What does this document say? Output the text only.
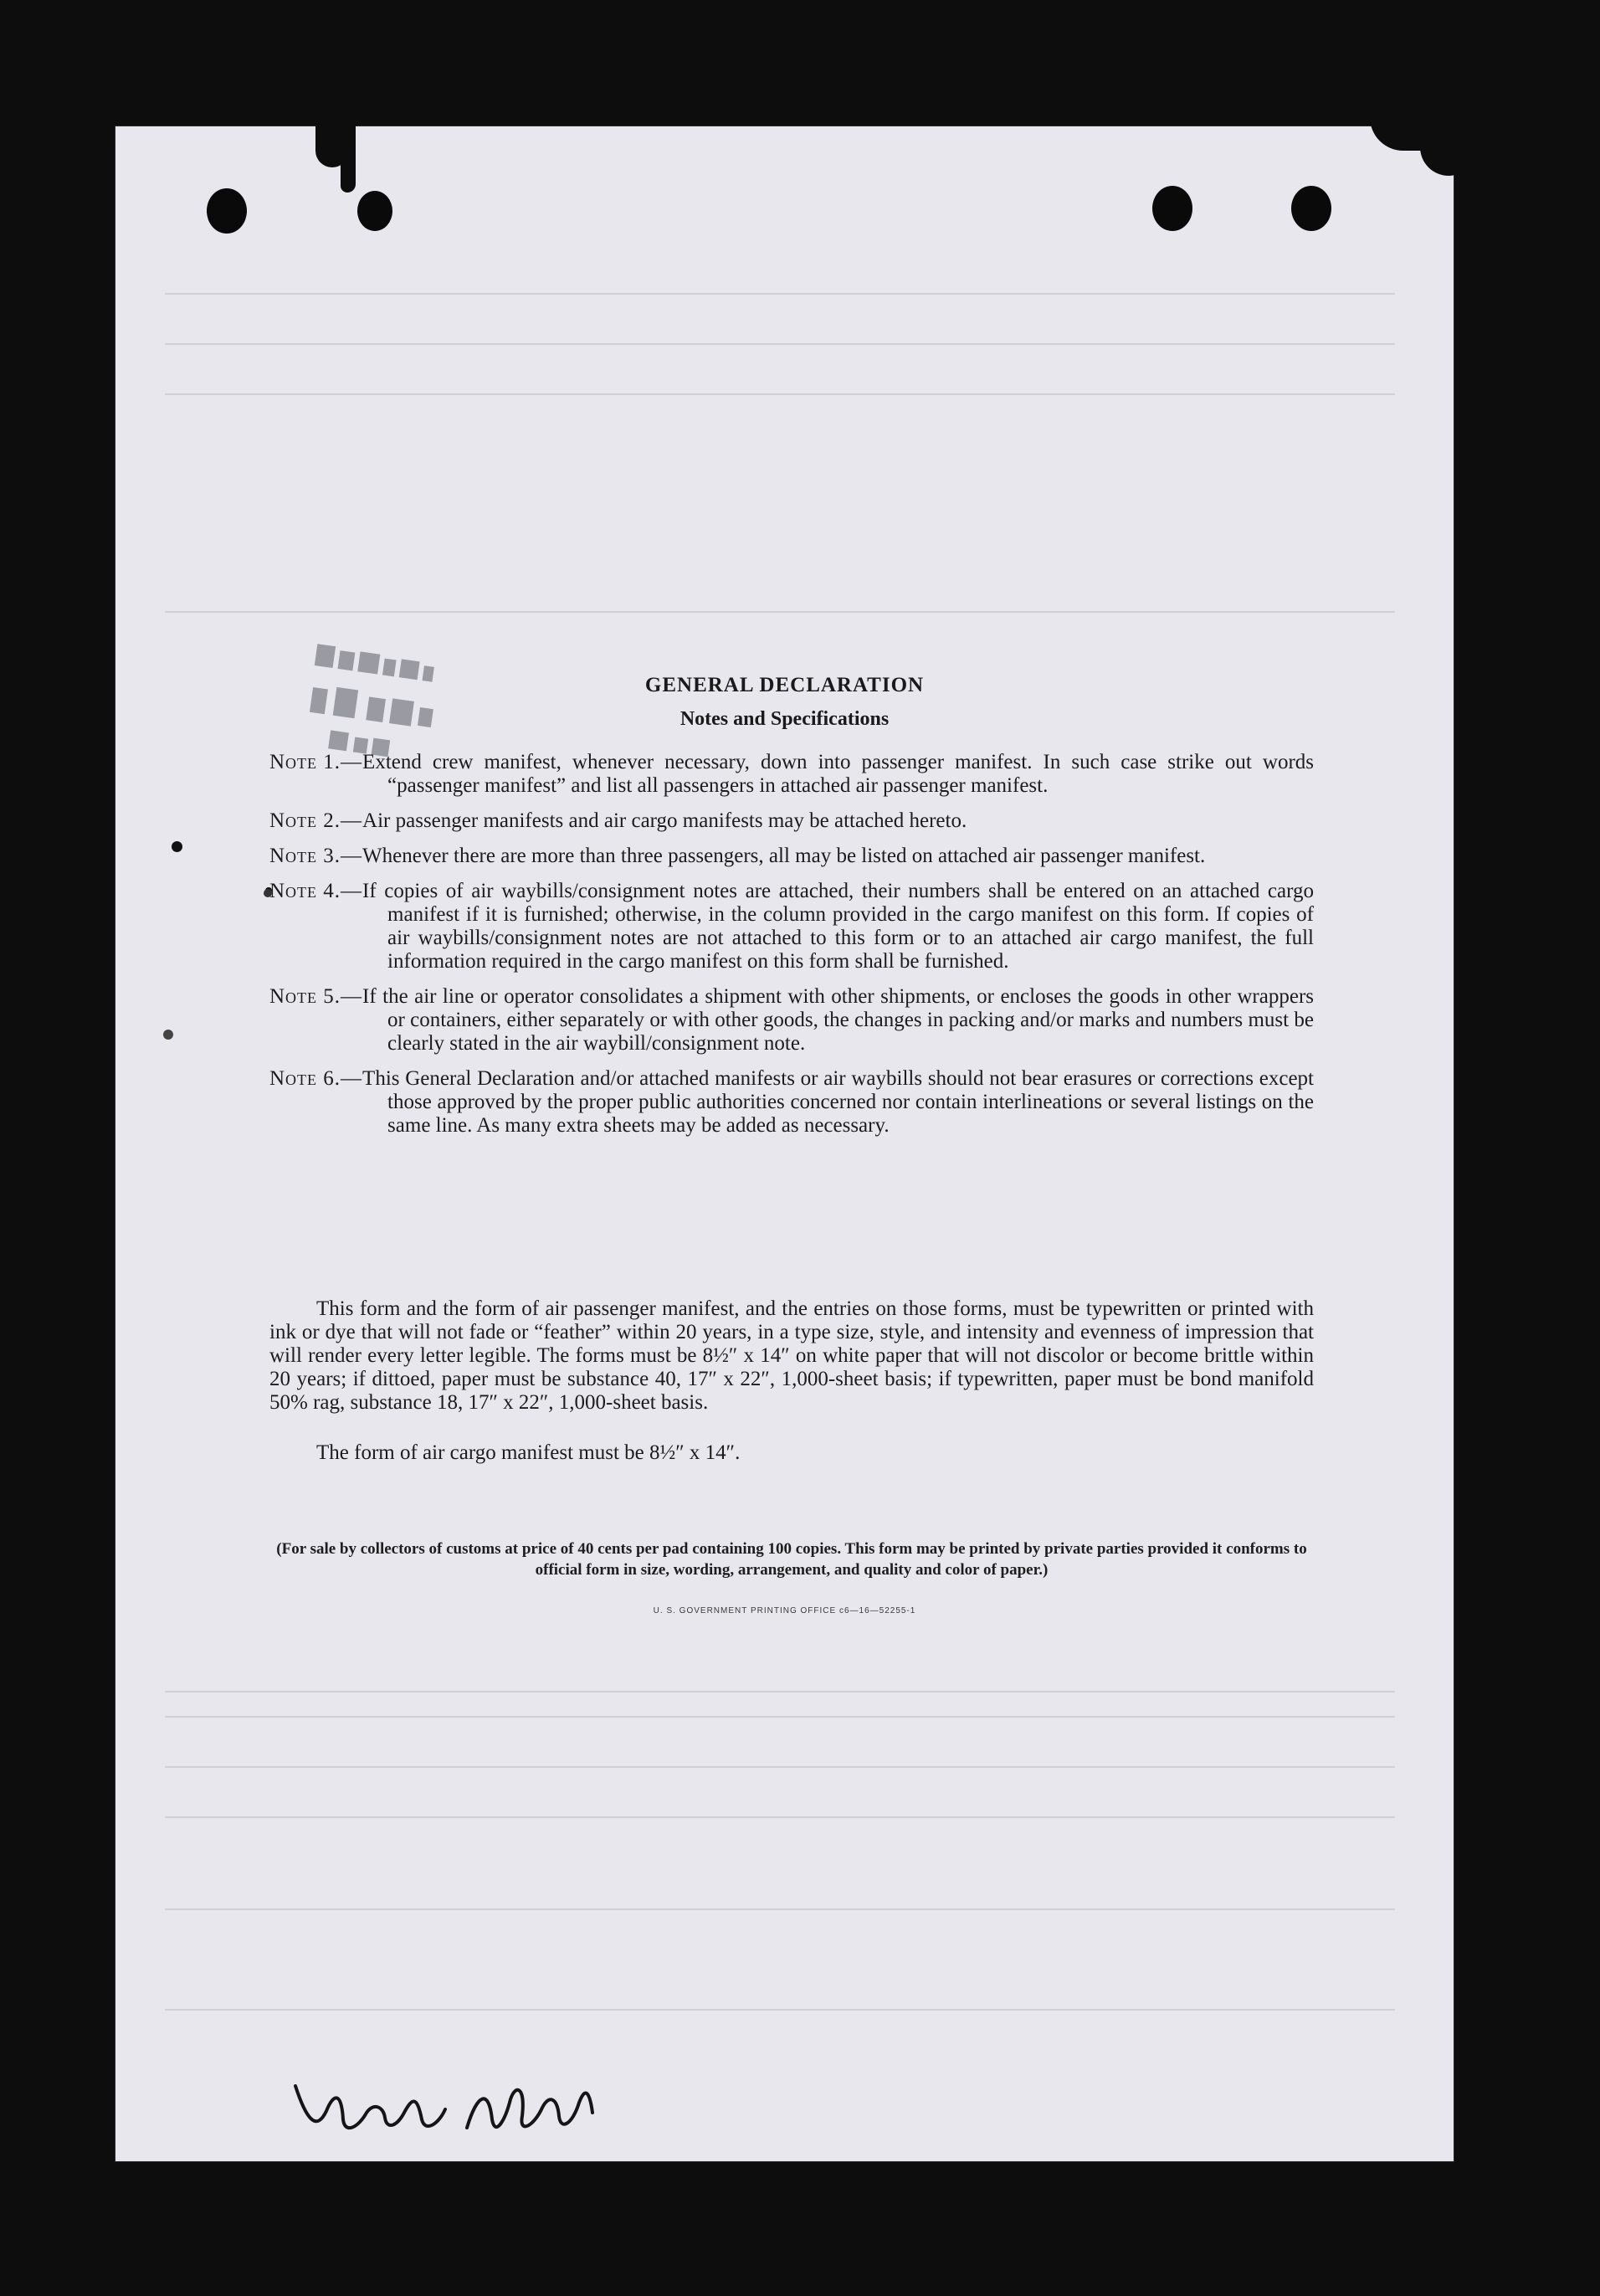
GENERAL DECLARATION
Notes and Specifications
Note 1.— Extend crew manifest, whenever necessary, down into passenger manifest. In such case strike out words “passenger manifest” and list all passengers in attached air passenger manifest.
Note 2.— Air passenger manifests and air cargo manifests may be attached hereto.
Note 3.— Whenever there are more than three passengers, all may be listed on attached air passenger manifest.
Note 4.— If copies of air waybills/consignment notes are attached, their numbers shall be entered on an attached cargo manifest if it is furnished; otherwise, in the column provided in the cargo manifest on this form. If copies of air waybills/consignment notes are not attached to this form or to an attached air cargo manifest, the full information required in the cargo manifest on this form shall be furnished.
Note 5.— If the air line or operator consolidates a shipment with other shipments, or encloses the goods in other wrappers or containers, either separately or with other goods, the changes in packing and/or marks and numbers must be clearly stated in the air waybill/consignment note.
Note 6.— This General Declaration and/or attached manifests or air waybills should not bear erasures or corrections except those approved by the proper public authorities concerned nor contain interlineations or several listings on the same line. As many extra sheets may be added as necessary.
This form and the form of air passenger manifest, and the entries on those forms, must be typewritten or printed with ink or dye that will not fade or “feather” within 20 years, in a type size, style, and intensity and evenness of impression that will render every letter legible. The forms must be 8½″ x 14″ on white paper that will not discolor or become brittle within 20 years; if dittoed, paper must be substance 40, 17″ x 22″, 1,000-sheet basis; if typewritten, paper must be bond manifold 50% rag, substance 18, 17″ x 22″, 1,000-sheet basis.
The form of air cargo manifest must be 8½″ x 14″.
(For sale by collectors of customs at price of 40 cents per pad containing 100 copies. This form may be printed by private parties provided it conforms to official form in size, wording, arrangement, and quality and color of paper.)
U. S. GOVERNMENT PRINTING OFFICE c6—16—52255-1
